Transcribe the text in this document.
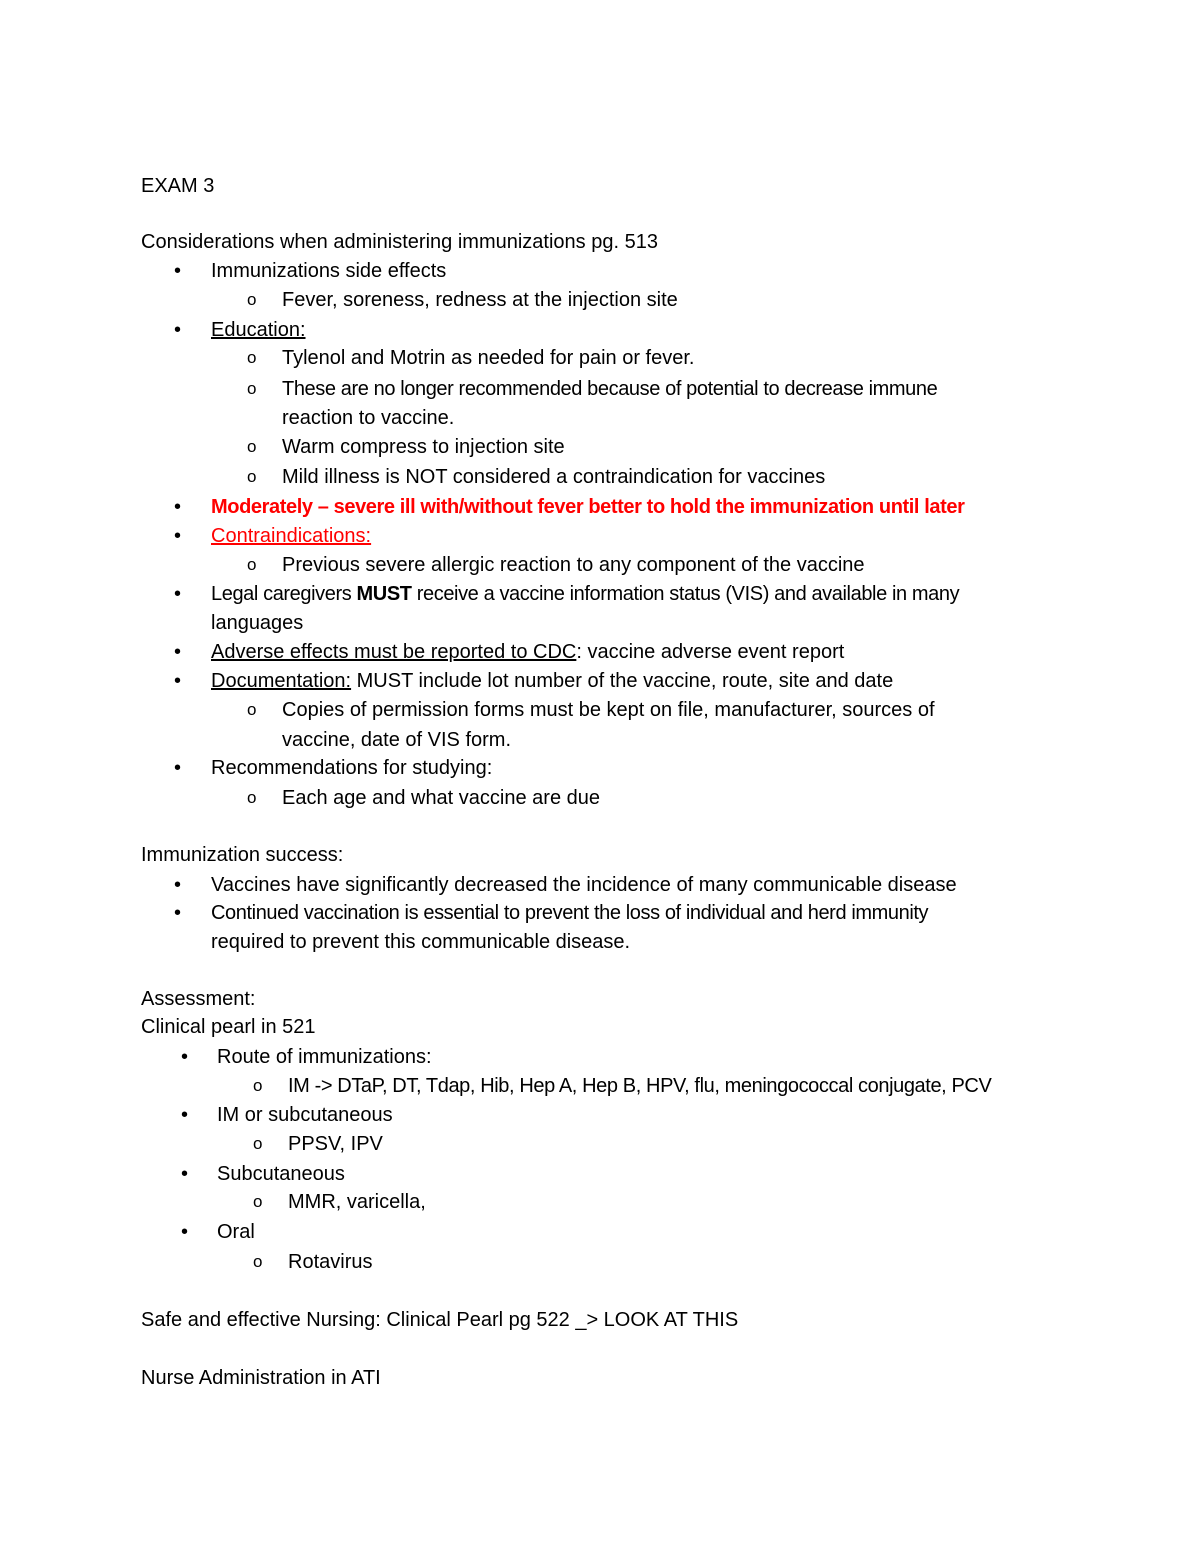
EXAM 3
Considerations when administering immunizations pg. 513
• Immunizations side effects
o Fever, soreness, redness at the injection site
• Education:
o Tylenol and Motrin as needed for pain or fever.
o These are no longer recommended because of potential to decrease immune
reaction to vaccine.
o Warm compress to injection site
o Mild illness is NOT considered a contraindication for vaccines
• Moderately – severe ill with/without fever better to hold the immunization until later
• Contraindications:
o Previous severe allergic reaction to any component of the vaccine
• Legal caregivers MUST receive a vaccine information status (VIS) and available in many
languages
• Adverse effects must be reported to CDC: vaccine adverse event report
• Documentation: MUST include lot number of the vaccine, route, site and date
o Copies of permission forms must be kept on file, manufacturer, sources of
vaccine, date of VIS form.
• Recommendations for studying:
o Each age and what vaccine are due
Immunization success:
• Vaccines have significantly decreased the incidence of many communicable disease
• Continued vaccination is essential to prevent the loss of individual and herd immunity
required to prevent this communicable disease.
Assessment:
Clinical pearl in 521
• Route of immunizations:
o IM -> DTaP, DT, Tdap, Hib, Hep A, Hep B, HPV, flu, meningococcal conjugate, PCV
• IM or subcutaneous
o PPSV, IPV
• Subcutaneous
o MMR, varicella,
• Oral
o Rotavirus
Safe and effective Nursing: Clinical Pearl pg 522 _> LOOK AT THIS
Nurse Administration in ATI
